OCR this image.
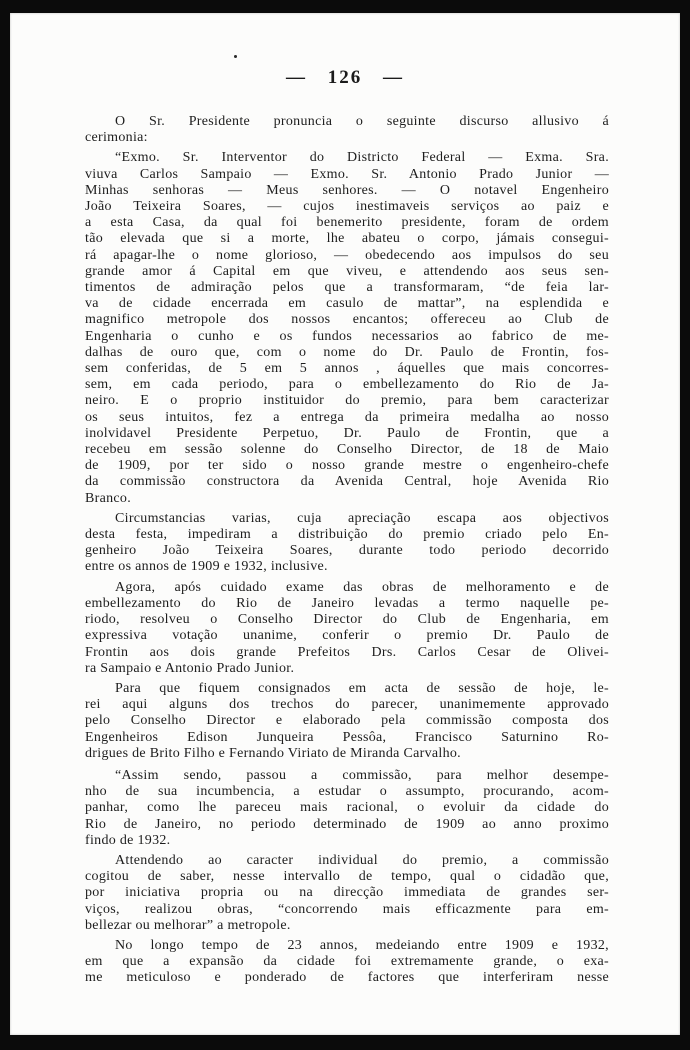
— 126 —

O Sr. Presidente pronuncia o seguinte discurso allusivo á
cerimonia:

“Exmo. Sr. Interventor do Districto Federal — Exma. Sra.
viuva Carlos Sampaio — Exmo. Sr. Antonio Prado Junior —
Minhas senhoras — Meus senhores. — O notavel Engenheiro
João Teixeira Soares, — cujos inestimaveis serviços ao paiz e
a esta Casa, da qual foi benemerito presidente, foram de ordem
tão elevada que si a morte, lhe abateu o corpo, jámais consegui-
rá apagar-lhe o nome glorioso, — obedecendo aos impulsos do seu
grande amor á Capital em que viveu, e attendendo aos seus sen-
timentos de admiração pelos que a transformaram, “de feia lar-
va de cidade encerrada em casulo de mattar”, na esplendida e
magnifico metropole dos nossos encantos; offereceu ao Club de
Engenharia o cunho e os fundos necessarios ao fabrico de me-
dalhas de ouro que, com o nome do Dr. Paulo de Frontin, fos-
sem conferidas, de 5 em 5 annos , áquelles que mais concorres-
sem, em cada periodo, para o embellezamento do Rio de Ja-
neiro. E o proprio instituidor do premio, para bem caracterizar
os seus intuitos, fez a entrega da primeira medalha ao nosso
inolvidavel Presidente Perpetuo, Dr. Paulo de Frontin, que a
recebeu em sessão solenne do Conselho Director, de 18 de Maio
de 1909, por ter sido o nosso grande mestre o engenheiro-chefe
da commissão constructora da Avenida Central, hoje Avenida Rio
Branco.

Circumstancias varias, cuja apreciação escapa aos objectivos
desta festa, impediram a distribuição do premio criado pelo En-
genheiro João Teixeira Soares, durante todo periodo decorrido
entre os annos de 1909 e 1932, inclusive.

Agora, após cuidado exame das obras de melhoramento e de
embellezamento do Rio de Janeiro levadas a termo naquelle pe-
riodo, resolveu o Conselho Director do Club de Engenharia, em
expressiva votação unanime, conferir o premio Dr. Paulo de
Frontin aos dois grande Prefeitos Drs. Carlos Cesar de Olivei-
ra Sampaio e Antonio Prado Junior.

Para que fiquem consignados em acta de sessão de hoje, le-
rei aqui alguns dos trechos do parecer, unanimemente approvado
pelo Conselho Director e elaborado pela commissão composta dos
Engenheiros Edison Junqueira Pessôa, Francisco Saturnino Ro-
drigues de Brito Filho e Fernando Viriato de Miranda Carvalho.

“Assim sendo, passou a commissão, para melhor desempe-
nho de sua incumbencia, a estudar o assumpto, procurando, acom-
panhar, como lhe pareceu mais racional, o evoluir da cidade do
Rio de Janeiro, no periodo determinado de 1909 ao anno proximo
findo de 1932.

Attendendo ao caracter individual do premio, a commissão
cogitou de saber, nesse intervallo de tempo, qual o cidadão que,
por iniciativa propria ou na direcção immediata de grandes ser-
viços, realizou obras, “concorrendo mais efficazmente para em-
bellezar ou melhorar” a metropole.

No longo tempo de 23 annos, medeiando entre 1909 e 1932,
em que a expansão da cidade foi extremamente grande, o exa-
me meticuloso e ponderado de factores que interferiram nesse
